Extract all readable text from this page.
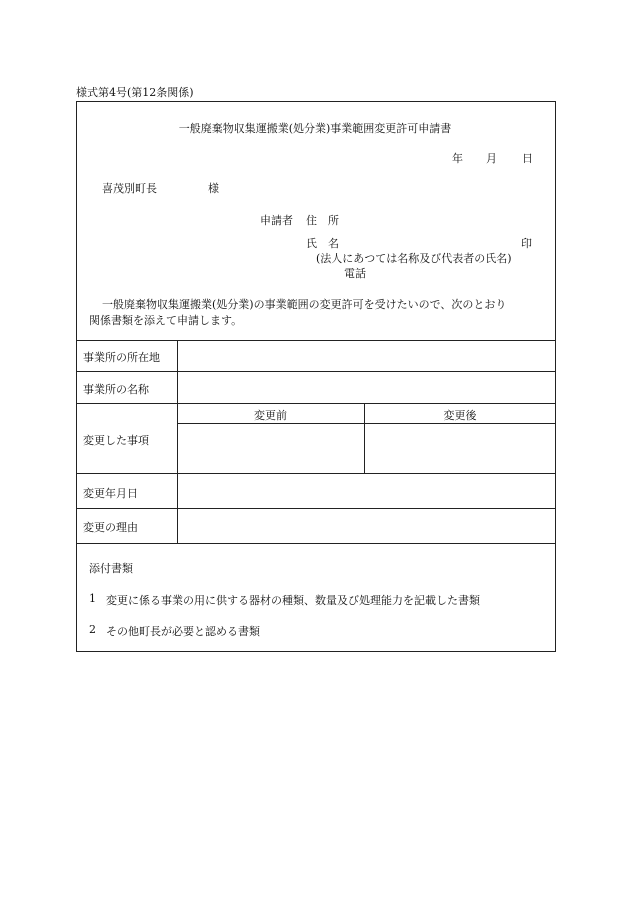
様式第4号(第12条関係)
一般廃棄物収集運搬業(処分業)事業範囲変更許可申請書
年 月 日
喜茂別町長	様
申請者 住　所
氏　名	印
(法人にあつては名称及び代表者の氏名)
電話
一般廃棄物収集運搬業(処分業)の事業範囲の変更許可を受けたいので、次のとおり
関係書類を添えて申請します。
事業所の所在地
事業所の名称
変更した事項
変更前	変更後
変更年月日
変更の理由
添付書類
1 変更に係る事業の用に供する器材の種類、数量及び処理能力を記載した書類
2 その他町長が必要と認める書類
